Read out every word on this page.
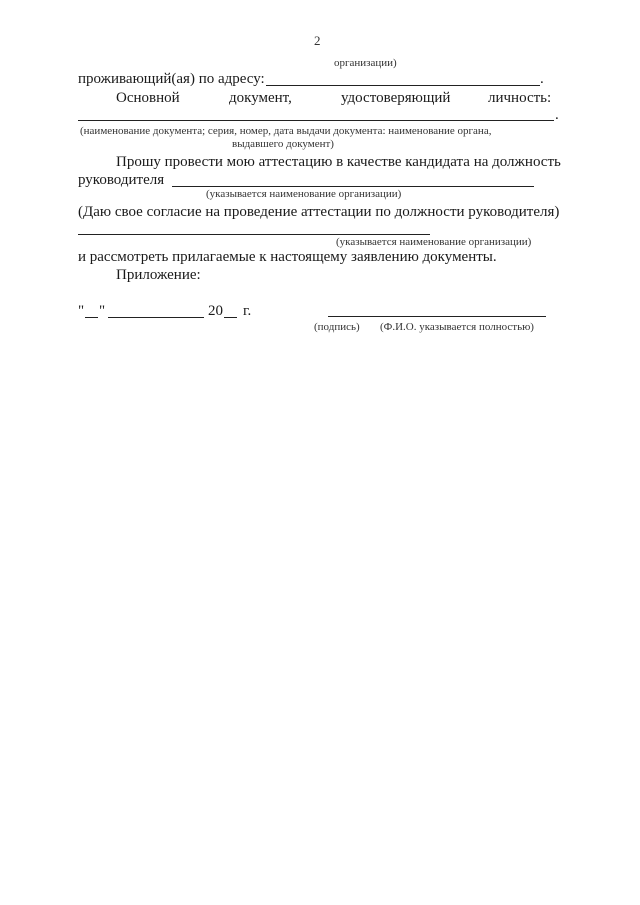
2
организации)
проживающий(ая) по адресу:	.
Основной	документ,	удостоверяющий	личность:
.
(наименование документа; серия, номер, дата выдачи документа: наименование органа,
выдавшего документ)
Прошу провести мою аттестацию в качестве кандидата на должность
руководителя
(указывается наименование организации)
(Даю свое согласие на проведение аттестации по должности руководителя)
(указывается наименование организации)
и рассмотреть прилагаемые к настоящему заявлению документы.
Приложение:
" "	20 г.
(подпись) (Ф.И.О. указывается полностью)
